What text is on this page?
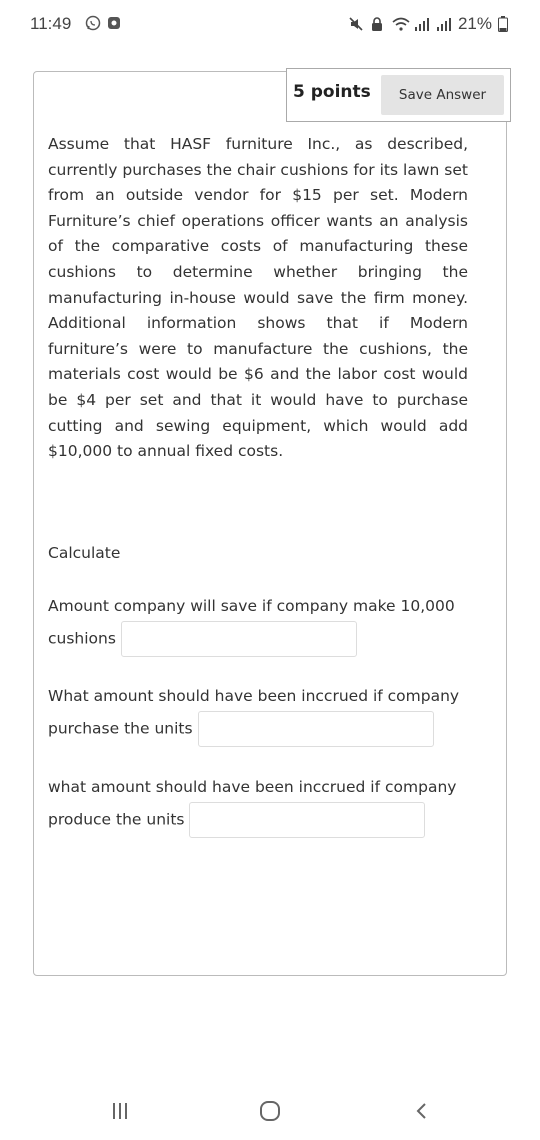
11:49	21%
5 points	Save Answer

Assume that HASF furniture Inc., as described, currently purchases the chair cushions for its lawn set from an outside vendor for $15 per set. Modern Furniture’s chief operations officer wants an analysis of the comparative costs of manufacturing these cushions to determine whether bringing the manufacturing in-house would save the firm money. Additional information shows that if Modern furniture’s were to manufacture the cushions, the materials cost would be $6 and the labor cost would be $4 per set and that it would have to purchase cutting and sewing equipment, which would add $10,000 to annual fixed costs.

Calculate

Amount company will save if company make 10,000 cushions
What amount should have been inccrued if company purchase the units
what amount should have been inccrued if company produce the units
